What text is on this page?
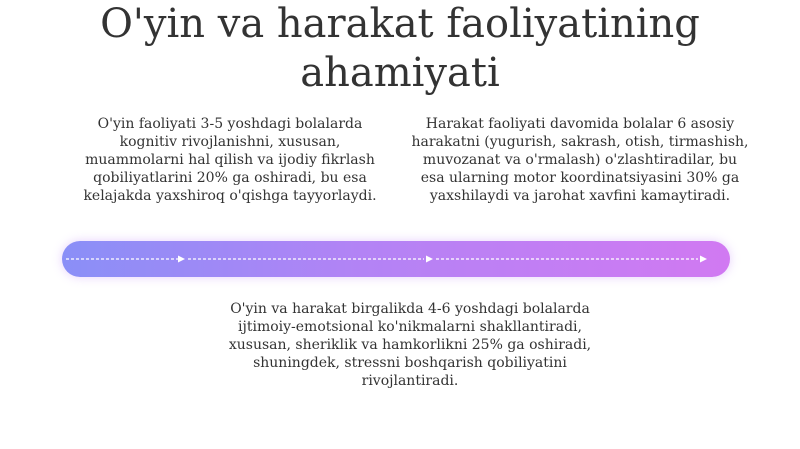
O'yin va harakat faoliyatining ahamiyati

O'yin faoliyati 3-5 yoshdagi bolalarda kognitiv rivojlanishni, xususan, muammolarni hal qilish va ijodiy fikrlash qobiliyatlarini 20% ga oshiradi, bu esa kelajakda yaxshiroq o'qishga tayyorlaydi.

Harakat faoliyati davomida bolalar 6 asosiy harakatni (yugurish, sakrash, otish, tirmashish, muvozanat va o'rmalash) o'zlashtiradilar, bu esa ularning motor koordinatsiyasini 30% ga yaxshilaydi va jarohat xavfini kamaytiradi.

O'yin va harakat birgalikda 4-6 yoshdagi bolalarda ijtimoiy-emotsional ko'nikmalarni shakllantiradi, xususan, sheriklik va hamkorlikni 25% ga oshiradi, shuningdek, stressni boshqarish qobiliyatini rivojlantiradi.
